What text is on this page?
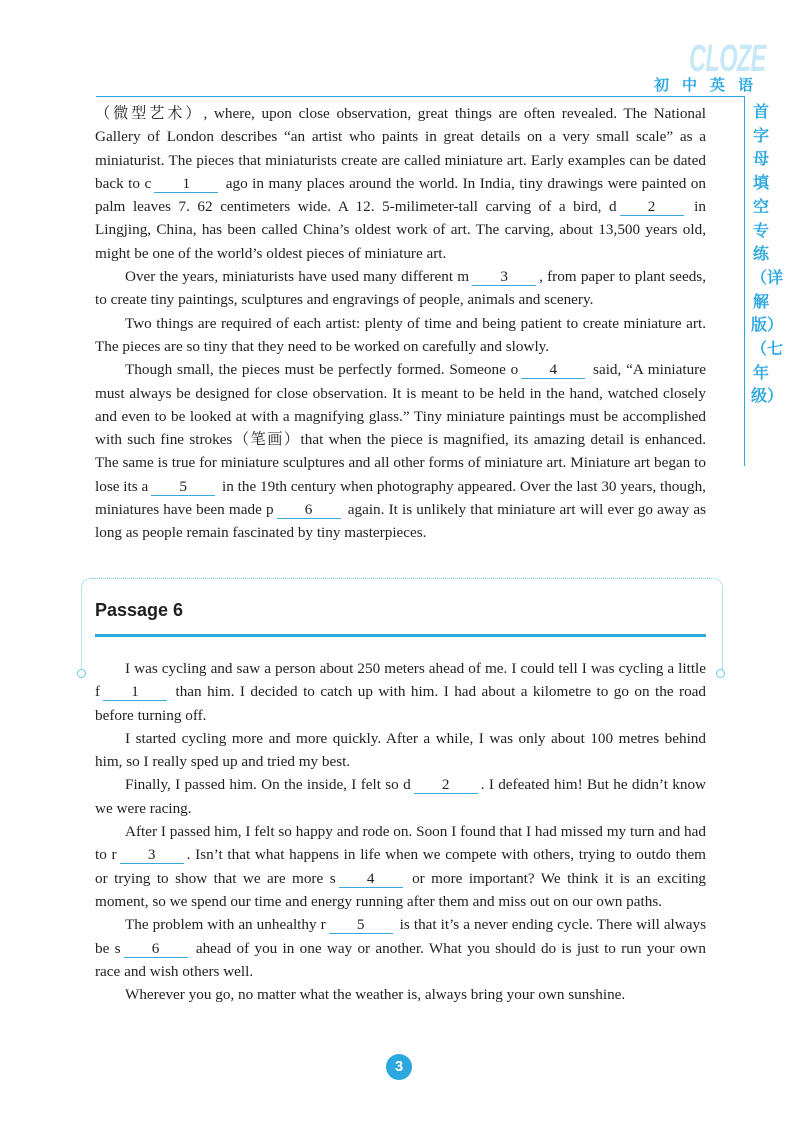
CLOZE
初中英语
首字母填空专练（详解版）（七年级）

（微型艺术）, where, upon close observation, great things are often revealed. The National Gallery of London describes “an artist who paints in great details on a very small scale” as a miniaturist. The pieces that miniaturists create are called miniature art. Early examples can be dated back to c 1 ago in many places around the world. In India, tiny drawings were painted on palm leaves 7. 62 centimeters wide. A 12. 5-milimeter-tall carving of a bird, d 2 in Lingjing, China, has been called China’s oldest work of art. The carving, about 13,500 years old, might be one of the world’s oldest pieces of miniature art.

Over the years, miniaturists have used many different m 3 , from paper to plant seeds, to create tiny paintings, sculptures and engravings of people, animals and scenery.

Two things are required of each artist: plenty of time and being patient to create miniature art. The pieces are so tiny that they need to be worked on carefully and slowly.

Though small, the pieces must be perfectly formed. Someone o 4 said, “A miniature must always be designed for close observation. It is meant to be held in the hand, watched closely and even to be looked at with a magnifying glass.” Tiny miniature paintings must be accomplished with such fine strokes（笔画）that when the piece is magnified, its amazing detail is enhanced. The same is true for miniature sculptures and all other forms of miniature art. Miniature art began to lose its a 5 in the 19th century when photography appeared. Over the last 30 years, though, miniatures have been made p 6 again. It is unlikely that miniature art will ever go away as long as people remain fascinated by tiny masterpieces.

Passage 6

I was cycling and saw a person about 250 meters ahead of me. I could tell I was cycling a little f 1 than him. I decided to catch up with him. I had about a kilometre to go on the road before turning off.

I started cycling more and more quickly. After a while, I was only about 100 metres behind him, so I really sped up and tried my best.

Finally, I passed him. On the inside, I felt so d 2 . I defeated him! But he didn’t know we were racing.

After I passed him, I felt so happy and rode on. Soon I found that I had missed my turn and had to r 3 . Isn’t that what happens in life when we compete with others, trying to outdo them or trying to show that we are more s 4 or more important? We think it is an exciting moment, so we spend our time and energy running after them and miss out on our own paths.

The problem with an unhealthy r 5 is that it’s a never ending cycle. There will always be s 6 ahead of you in one way or another. What you should do is just to run your own race and wish others well.

Wherever you go, no matter what the weather is, always bring your own sunshine.

3
